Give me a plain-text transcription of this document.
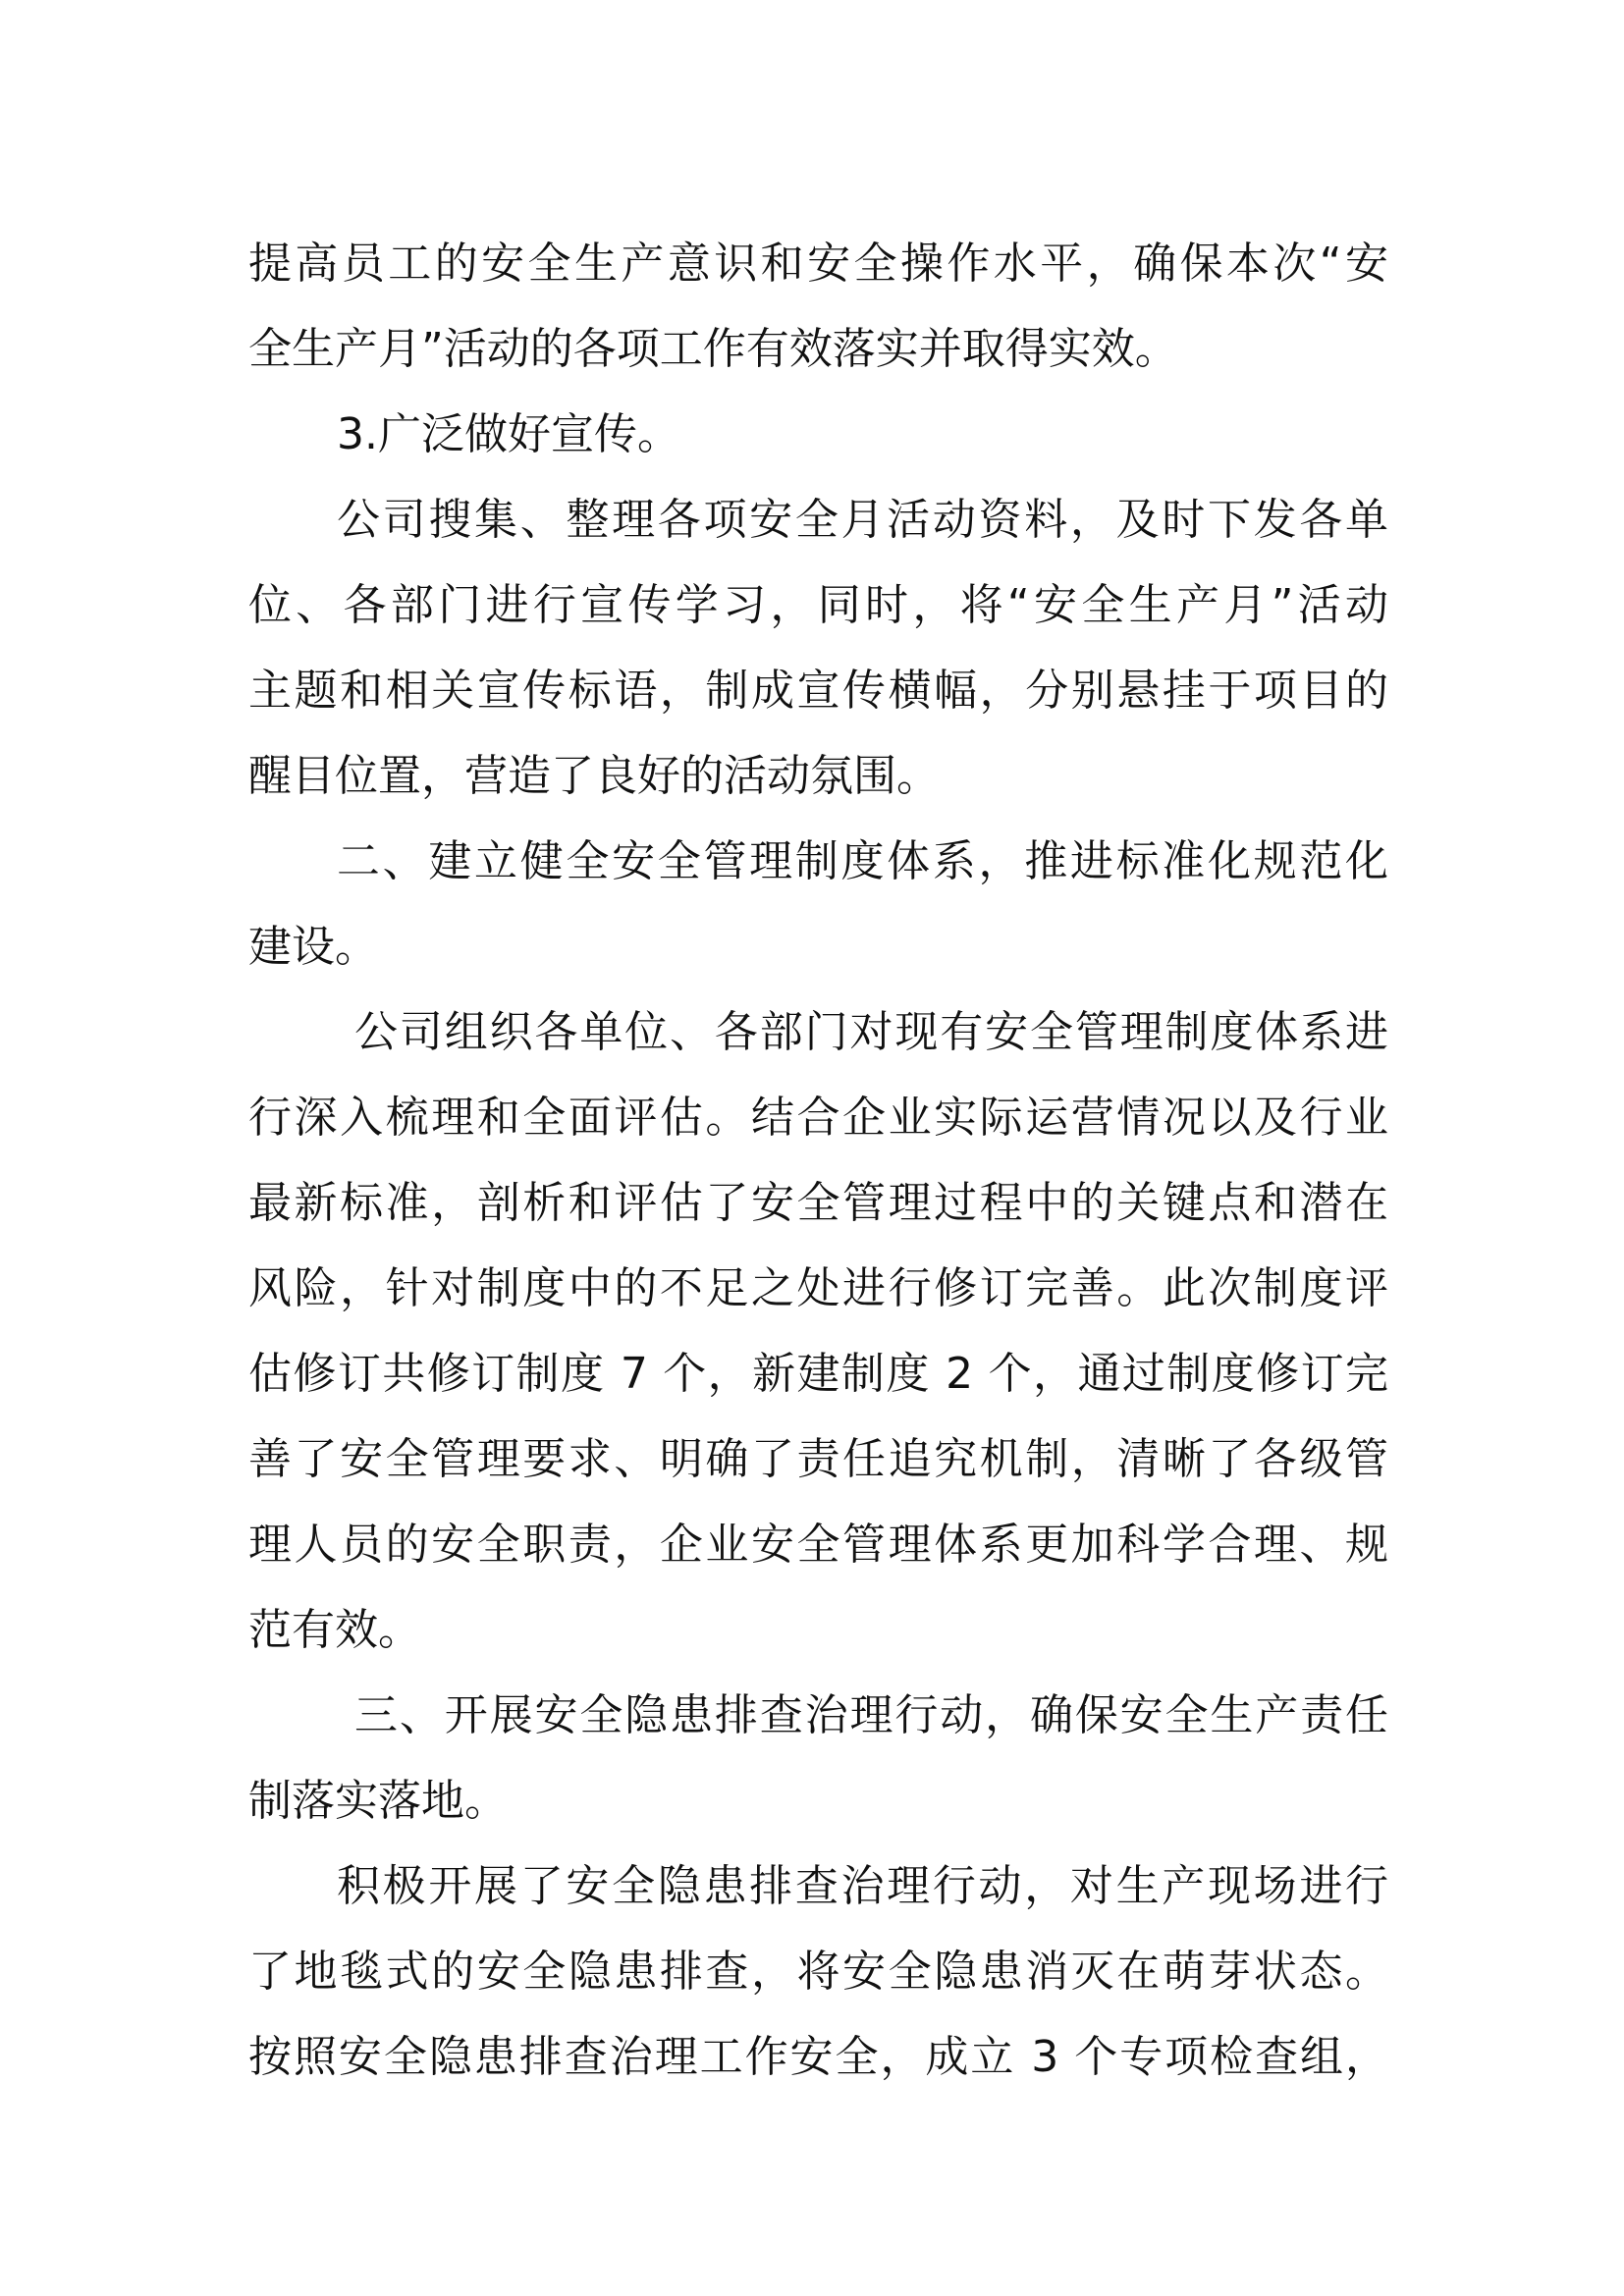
提高员工的安全生产意识和安全操作水平，确保本次“安
全生产月”活动的各项工作有效落实并取得实效。
3.广泛做好宣传。
公司搜集、整理各项安全月活动资料，及时下发各单
位、各部门进行宣传学习，同时，将“安全生产月”活动
主题和相关宣传标语，制成宣传横幅，分别悬挂于项目的
醒目位置，营造了良好的活动氛围。
二、建立健全安全管理制度体系，推进标准化规范化
建设。
公司组织各单位、各部门对现有安全管理制度体系进
行深入梳理和全面评估。结合企业实际运营情况以及行业
最新标准，剖析和评估了安全管理过程中的关键点和潜在
风险，针对制度中的不足之处进行修订完善。此次制度评
估修订共修订制度 7 个，新建制度 2 个，通过制度修订完
善了安全管理要求、明确了责任追究机制，清晰了各级管
理人员的安全职责，企业安全管理体系更加科学合理、规
范有效。
三、开展安全隐患排查治理行动，确保安全生产责任
制落实落地。
积极开展了安全隐患排查治理行动，对生产现场进行
了地毯式的安全隐患排查，将安全隐患消灭在萌芽状态。
按照安全隐患排查治理工作安全，成立 3 个专项检查组，
